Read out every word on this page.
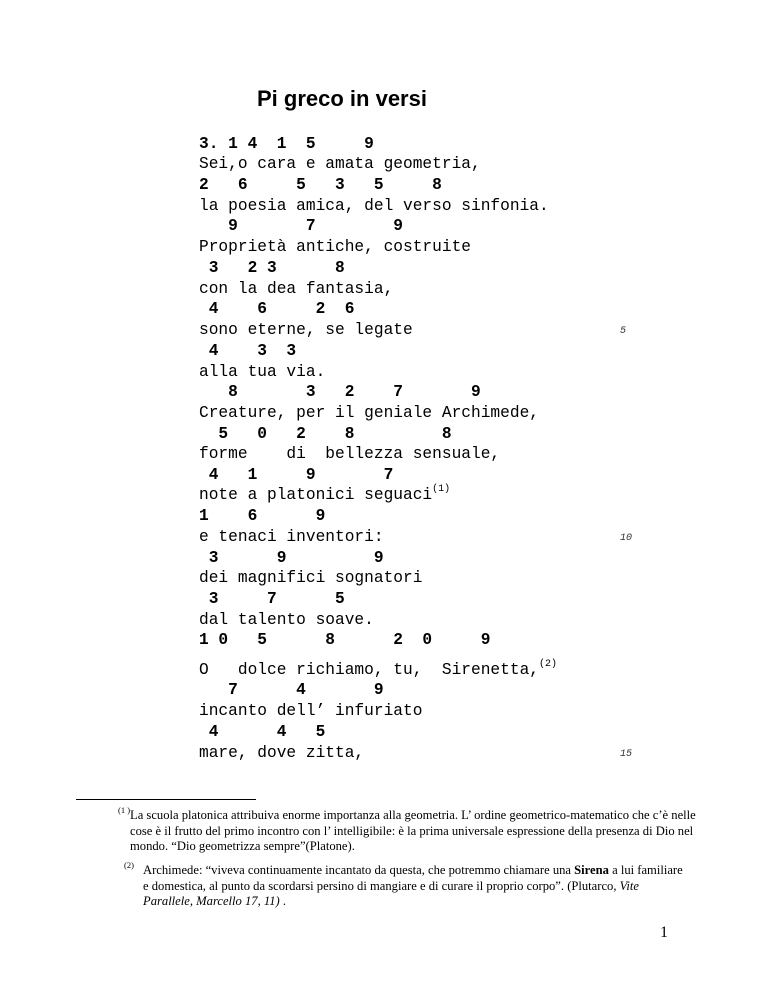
Pi greco in versi
3. 1 4  1  5     9
Sei,o cara e amata geometria,
2   6     5   3   5     8
la poesia amica, del verso sinfonia.
9       7        9
Proprietà antiche, costruite
3   2 3      8
con la dea fantasia,
4    6     2  6
sono eterne, se legate	5
4    3  3
alla tua via.
8       3   2    7       9
Creature, per il geniale Archimede,
5   0   2    8         8
forme    di  bellezza sensuale,
4   1     9       7
note a platonici seguaci$^{(1)}$
1    6      9
e tenaci inventori:	10
3      9         9
dei magnifici sognatori
3     7      5
dal talento soave.
1 0   5      8      2  0     9
O   dolce richiamo, tu,  Sirenetta,$^{(2)}$
7      4       9
incanto dell’ infuriato
4      4   5
mare, dove zitta,	15
(1 ) La scuola platonica attribuiva enorme importanza alla geometria. L’ ordine geometrico-matematico che c’è nelle cose è il frutto del primo incontro con l’ intelligibile: è la prima universale espressione della presenza di Dio nel mondo. “Dio geometrizza sempre”(Platone).
(2) Archimede: “viveva continuamente incantato da questa, che potremmo chiamare una Sirena a lui familiare e domestica, al punto da scordarsi persino di mangiare e di curare il proprio corpo”. (Plutarco, Vite Parallele, Marcello 17, 11) .
1
